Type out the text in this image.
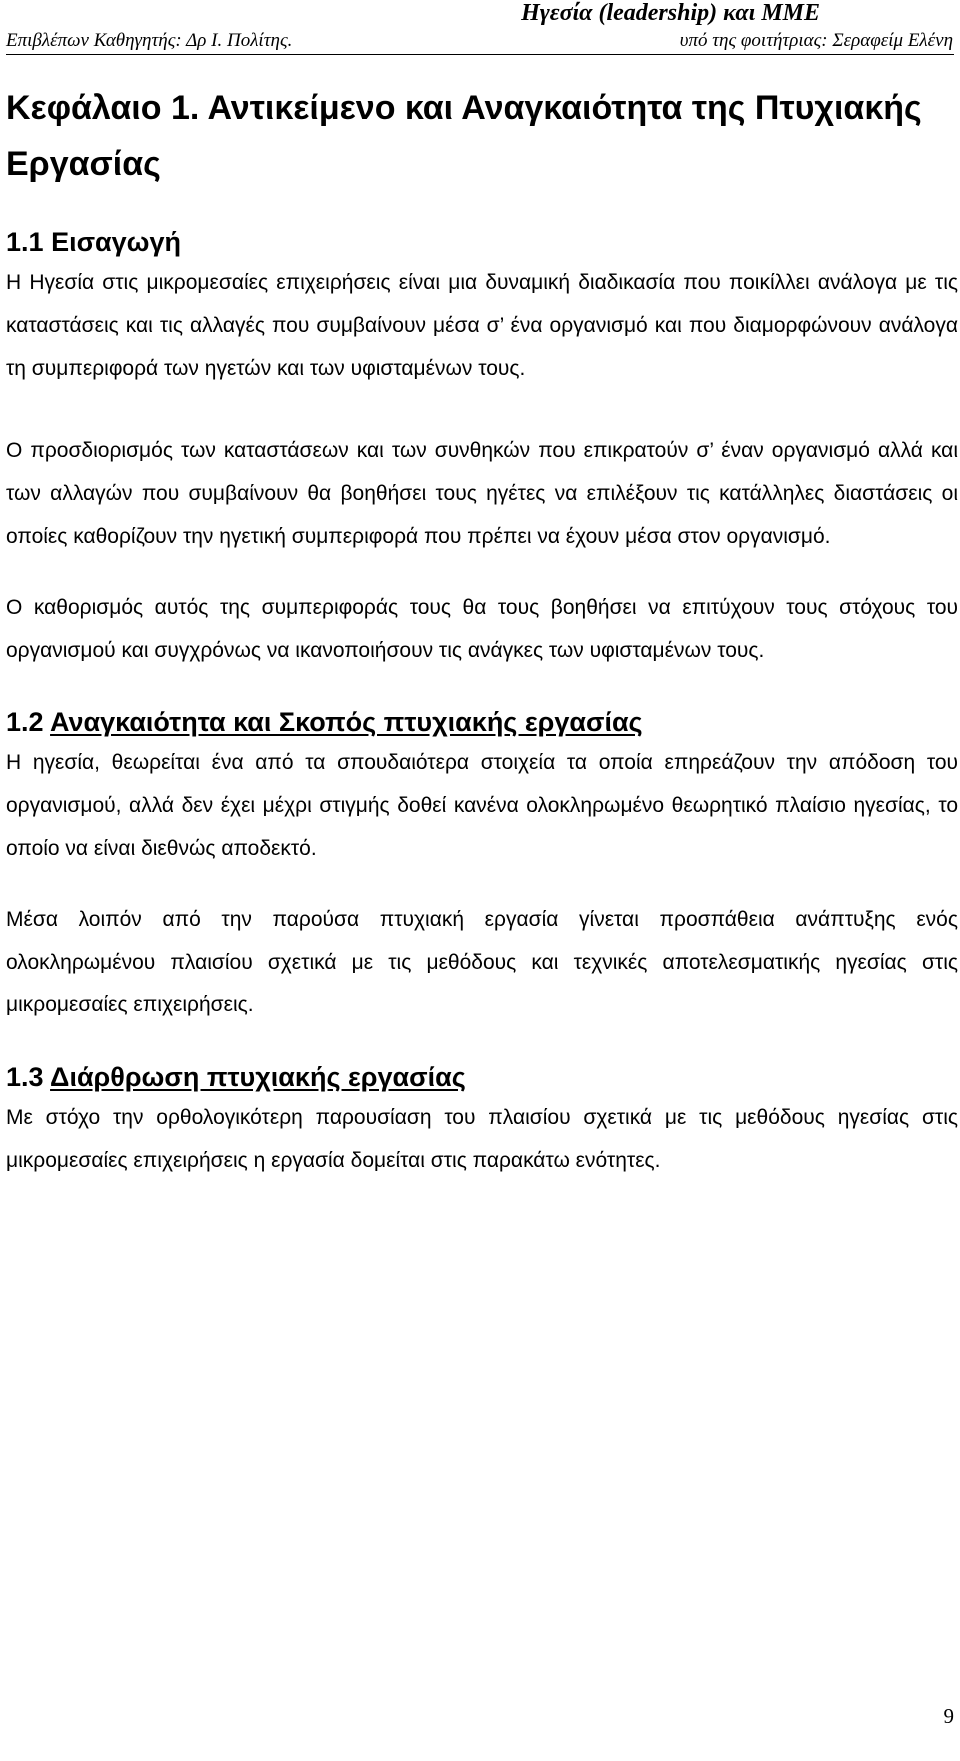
Ηγεσία (leadership) και ΜΜΕ
Επιβλέπων Καθηγητής: Δρ Ι. Πολίτης.	υπό της φοιτήτριας: Σεραφείμ Ελένη
Κεφάλαιο 1. Αντικείμενο και Αναγκαιότητα της Πτυχιακής Εργασίας
1.1 Εισαγωγή

Η Ηγεσία στις μικρομεσαίες επιχειρήσεις είναι μια δυναμική διαδικασία που ποικίλλει ανάλογα με τις καταστάσεις και τις αλλαγές που συμβαίνουν μέσα σ’ ένα οργανισμό και που διαμορφώνουν ανάλογα τη συμπεριφορά των ηγετών και των υφισταμένων τους.

Ο προσδιορισμός των καταστάσεων και των συνθηκών που επικρατούν σ’ έναν οργανισμό αλλά και των αλλαγών που συμβαίνουν θα βοηθήσει τους ηγέτες να επιλέξουν τις κατάλληλες διαστάσεις οι οποίες καθορίζουν την ηγετική συμπεριφορά που πρέπει να έχουν μέσα στον οργανισμό.

Ο καθορισμός αυτός της συμπεριφοράς τους θα τους βοηθήσει να επιτύχουν τους στόχους του οργανισμού και συγχρόνως να ικανοποιήσουν τις ανάγκες των υφισταμένων τους.

1.2 Αναγκαιότητα και Σκοπός πτυχιακής εργασίας

Η ηγεσία, θεωρείται ένα από τα σπουδαιότερα στοιχεία τα οποία επηρεάζουν την απόδοση του οργανισμού, αλλά δεν έχει μέχρι στιγμής δοθεί κανένα ολοκληρωμένο θεωρητικό πλαίσιο ηγεσίας, το οποίο να είναι διεθνώς αποδεκτό.

Μέσα λοιπόν από την παρούσα πτυχιακή εργασία γίνεται προσπάθεια ανάπτυξης ενός ολοκληρωμένου πλαισίου σχετικά με τις μεθόδους και τεχνικές αποτελεσματικής ηγεσίας στις μικρομεσαίες επιχειρήσεις.

1.3 Διάρθρωση πτυχιακής εργασίας

Με στόχο την ορθολογικότερη παρουσίαση του πλαισίου σχετικά με τις μεθόδους ηγεσίας στις μικρομεσαίες επιχειρήσεις η εργασία δομείται στις παρακάτω ενότητες.

9
